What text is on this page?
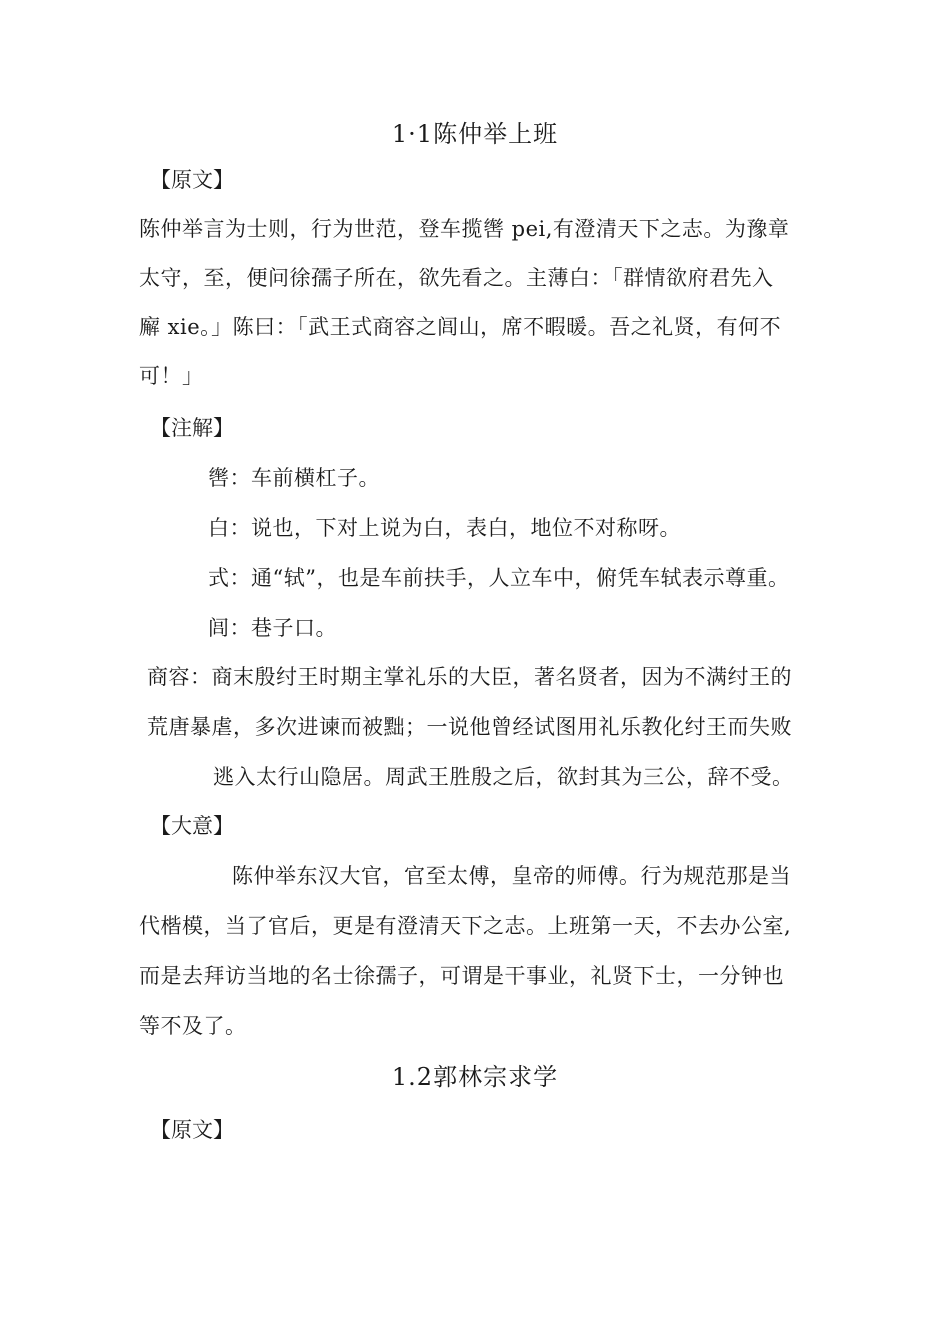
1·1陈仲举上班
【原文】
陈仲举言为士则，行为世范，登车揽辔 pei,有澄清天下之志。为豫章
太守，至，便问徐孺子所在，欲先看之。主薄白：「群情欲府君先入
廨 xie。」陈曰：「武王式商容之闾山，席不暇暖。吾之礼贤，有何不
可！」
【注解】
辔：车前横杠子。
白：说也，下对上说为白，表白，地位不对称呀。
式：通“轼”，也是车前扶手，人立车中，俯凭车轼表示尊重。
闾：巷子口。
商容：商末殷纣王时期主掌礼乐的大臣，著名贤者，因为不满纣王的
荒唐暴虐，多次进谏而被黜；一说他曾经试图用礼乐教化纣王而失败
逃入太行山隐居。周武王胜殷之后，欲封其为三公，辞不受。
【大意】
陈仲举东汉大官，官至太傅，皇帝的师傅。行为规范那是当
代楷模，当了官后，更是有澄清天下之志。上班第一天，不去办公室,
而是去拜访当地的名士徐孺子，可谓是干事业，礼贤下士，一分钟也
等不及了。
1.2郭林宗求学
【原文】
